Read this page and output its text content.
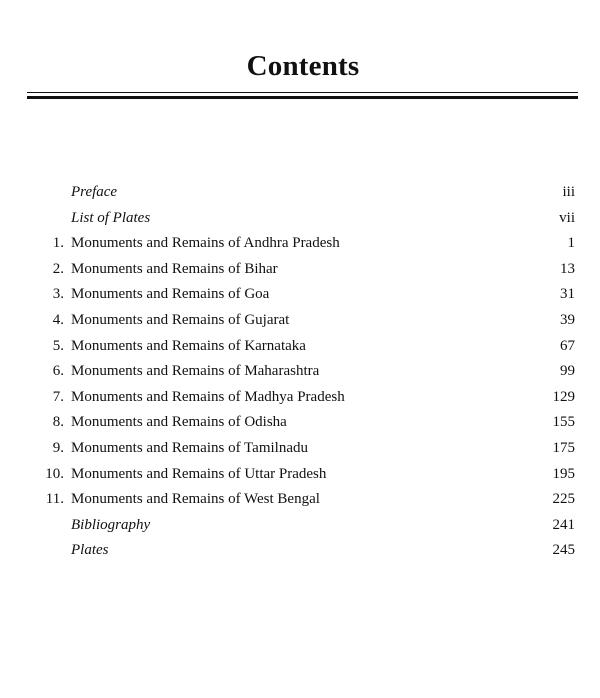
Contents
Preface	iii
List of Plates	vii
1. Monuments and Remains of Andhra Pradesh	1
2. Monuments and Remains of Bihar	13
3. Monuments and Remains of Goa	31
4. Monuments and Remains of Gujarat	39
5. Monuments and Remains of Karnataka	67
6. Monuments and Remains of Maharashtra	99
7. Monuments and Remains of Madhya Pradesh	129
8. Monuments and Remains of Odisha	155
9. Monuments and Remains of Tamilnadu	175
10. Monuments and Remains of Uttar Pradesh	195
11. Monuments and Remains of West Bengal	225
Bibliography	241
Plates	245
